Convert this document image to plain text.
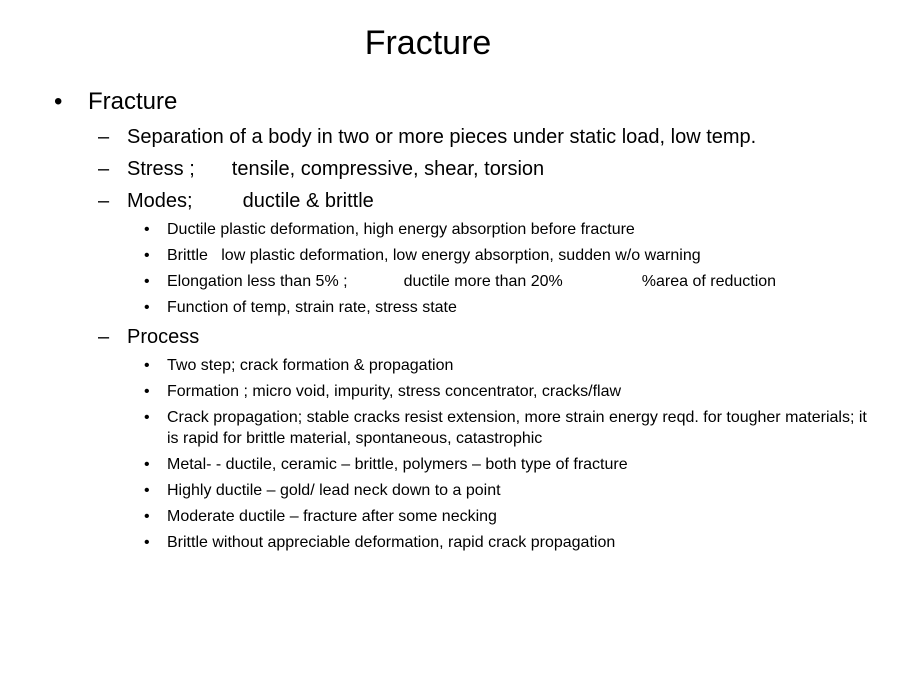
Fracture
• Fracture
– Separation of a body in two or more pieces under static load, low temp.
– Stress ; tensile, compressive, shear, torsion
– Modes;	ductile & brittle
• Ductile plastic deformation, high energy absorption before fracture
• Brittle   low plastic deformation, low energy absorption, sudden w/o warning
• Elongation less than 5% ;	ductile more than 20%	%area of reduction
• Function of temp, strain rate, stress state
– Process
• Two step; crack formation & propagation
• Formation ; micro void, impurity, stress concentrator, cracks/flaw
• Crack propagation; stable cracks resist extension, more strain energy reqd. for tougher materials; it is rapid for brittle material, spontaneous, catastrophic
• Metal- - ductile, ceramic – brittle, polymers – both type of fracture
• Highly ductile – gold/ lead neck down to a point
• Moderate ductile – fracture after some necking
• Brittle without appreciable deformation, rapid crack propagation
